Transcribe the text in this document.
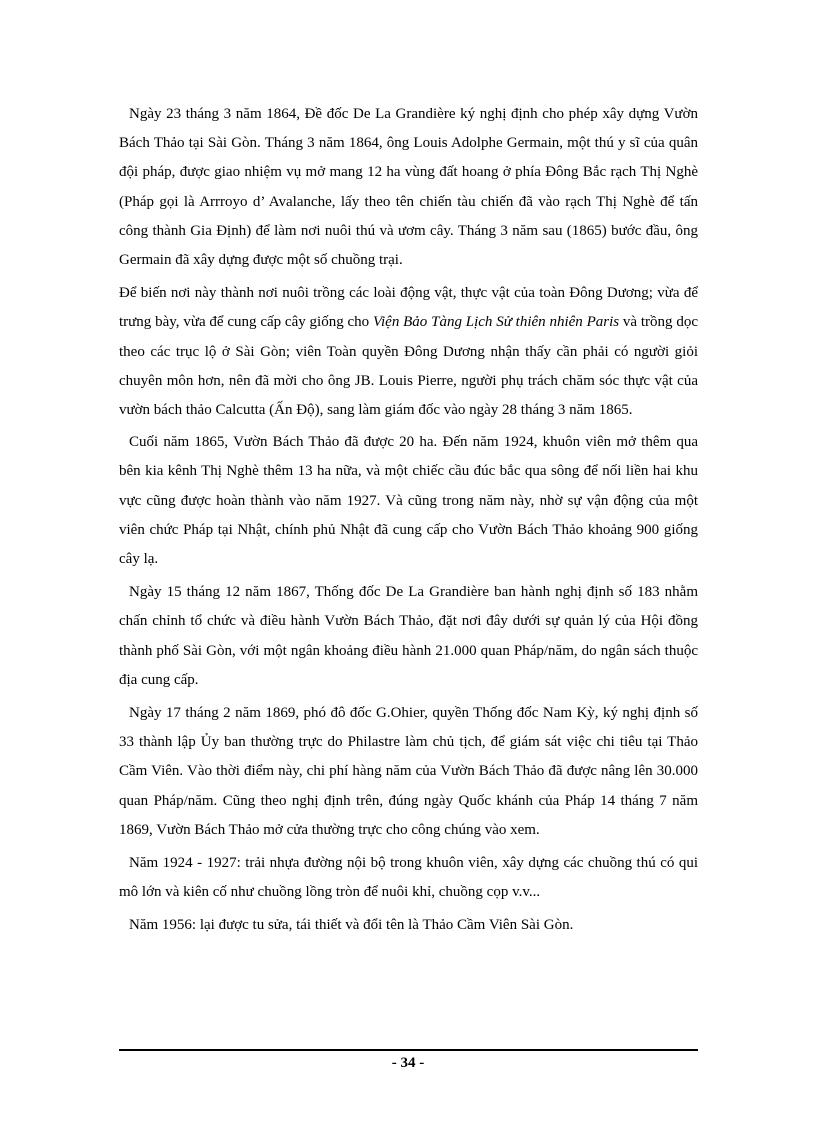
Ngày 23 tháng 3 năm 1864, Đề đốc De La Grandière ký nghị định cho phép xây dựng Vườn Bách Thảo tại Sài Gòn. Tháng 3 năm 1864, ông Louis Adolphe Germain, một thú y sĩ của quân đội pháp, được giao nhiệm vụ mở mang 12 ha vùng đất hoang ở phía Đông Bắc rạch Thị Nghè (Pháp gọi là Arrroyo d’ Avalanche, lấy theo tên chiến tàu chiến đã vào rạch Thị Nghè để tấn công thành Gia Định) để làm nơi nuôi thú và ươm cây. Tháng 3 năm sau (1865) bước đầu, ông Germain đã xây dựng được một số chuồng trại.

Để biến nơi này thành nơi nuôi trồng các loài động vật, thực vật của toàn Đông Dương; vừa để trưng bày, vừa để cung cấp cây giống cho Viện Bảo Tàng Lịch Sử thiên nhiên Paris và trồng dọc theo các trục lộ ở Sài Gòn; viên Toàn quyền Đông Dương nhận thấy cần phải có người giỏi chuyên môn hơn, nên đã mời cho ông JB. Louis Pierre, người phụ trách chăm sóc thực vật của vườn bách thảo Calcutta (Ấn Độ), sang làm giám đốc vào ngày 28 tháng 3 năm 1865.

Cuối năm 1865, Vườn Bách Thảo đã được 20 ha. Đến năm 1924, khuôn viên mở thêm qua bên kia kênh Thị Nghè thêm 13 ha nữa, và một chiếc cầu đúc bắc qua sông để nối liền hai khu vực cũng được hoàn thành vào năm 1927. Và cũng trong năm này, nhờ sự vận động của một viên chức Pháp tại Nhật, chính phủ Nhật đã cung cấp cho Vườn Bách Thảo khoảng 900 giống cây lạ.

Ngày 15 tháng 12 năm 1867, Thống đốc De La Grandière ban hành nghị định số 183 nhằm chấn chỉnh tổ chức và điều hành Vườn Bách Thảo, đặt nơi đây dưới sự quản lý của Hội đồng thành phố Sài Gòn, với một ngân khoảng điều hành 21.000 quan Pháp/năm, do ngân sách thuộc địa cung cấp.

Ngày 17 tháng 2 năm 1869, phó đô đốc G.Ohier, quyền Thống đốc Nam Kỳ, ký nghị định số 33 thành lập Ủy ban thường trực do Philastre làm chủ tịch, để giám sát việc chi tiêu tại Thảo Cầm Viên. Vào thời điểm này, chi phí hàng năm của Vườn Bách Thảo đã được nâng lên 30.000 quan Pháp/năm. Cũng theo nghị định trên, đúng ngày Quốc khánh của Pháp 14 tháng 7 năm 1869, Vườn Bách Thảo mở cửa thường trực cho công chúng vào xem.

Năm 1924 - 1927: trải nhựa đường nội bộ trong khuôn viên, xây dựng các chuồng thú có qui mô lớn và kiên cố như chuồng lồng tròn để nuôi khỉ, chuồng cọp v.v...

Năm 1956: lại được tu sửa, tái thiết và đổi tên là Thảo Cầm Viên Sài Gòn.

- 34 -
